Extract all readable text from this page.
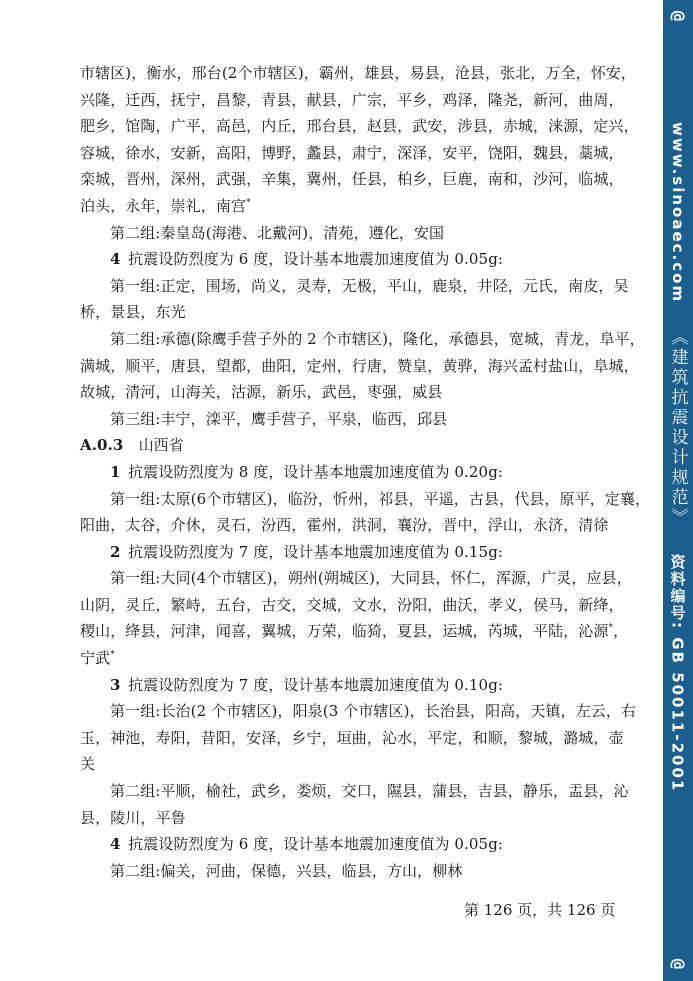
市辖区)，衡水，邢台(2个市辖区)，霸州，雄县，易县，沧县，张北，万全，怀安，
兴隆，迁西，抚宁，昌黎，青县，献县，广宗，平乡，鸡泽，隆尧，新河，曲周，
肥乡，馆陶，广平，高邑，内丘，邢台县，赵县，武安，涉县，赤城，涞源，定兴，
容城，徐水，安新，高阳，博野，蠡县，肃宁，深泽，安平，饶阳，魏县，藁城，
栾城，晋州，深州，武强，辛集，冀州，任县，柏乡，巨鹿，南和，沙河，临城，
泊头，永年，崇礼，南宫*
第二组:秦皇岛(海港、北戴河)，清苑，遵化，安国
4  抗震设防烈度为 6 度，设计基本地震加速度值为 0.05g:
第一组:正定，围场，尚义，灵寿，无极，平山，鹿泉，井陉，元氏，南皮，吴
桥，景县，东光
第二组:承德(除鹰手营子外的 2 个市辖区)，隆化，承德县，宽城，青龙，阜平，
满城，顺平，唐县，望都，曲阳，定州，行唐，赞皇，黄骅，海兴孟村盐山，阜城，
故城，清河，山海关，沽源，新乐，武邑，枣强，威县
第三组:丰宁，滦平，鹰手营子，平泉，临西，邱县
A.0.3  山西省
1  抗震设防烈度为 8 度，设计基本地震加速度值为 0.20g:
第一组:太原(6个市辖区)，临汾，忻州，祁县，平遥，古县，代县，原平，定襄，
阳曲，太谷，介休，灵石，汾西，霍州，洪洞，襄汾，晋中，浮山，永济，清徐
2  抗震设防烈度为 7 度，设计基本地震加速度值为 0.15g:
第一组:大同(4个市辖区)，朔州(朔城区)，大同县，怀仁，浑源，广灵，应县，
山阴，灵丘，繁峙，五台，古交，交城，文水，汾阳，曲沃，孝义，侯马，新绛，
稷山，绛县，河津，闻喜，翼城，万荣，临猗，夏县，运城，芮城，平陆，沁源*，
宁武*
3  抗震设防烈度为 7 度，设计基本地震加速度值为 0.10g:
第一组:长治(2 个市辖区)，阳泉(3 个市辖区)，长治县，阳高，天镇，左云，右
玉，神池，寿阳，昔阳，安泽，乡宁，垣曲，沁水，平定，和顺，黎城，潞城，壶
关
第二组:平顺，榆社，武乡，娄烦，交口，隰县，蒲县，吉县，静乐，盂县，沁
县，陵川，平鲁
4  抗震设防烈度为 6 度，设计基本地震加速度值为 0.05g:
第二组:偏关，河曲，保德，兴县，临县，方山，柳林
第 126 页，共 126 页
@
www.sinoaec.com
《建筑抗震设计规范》
资料编号: GB 50011-2001
@
